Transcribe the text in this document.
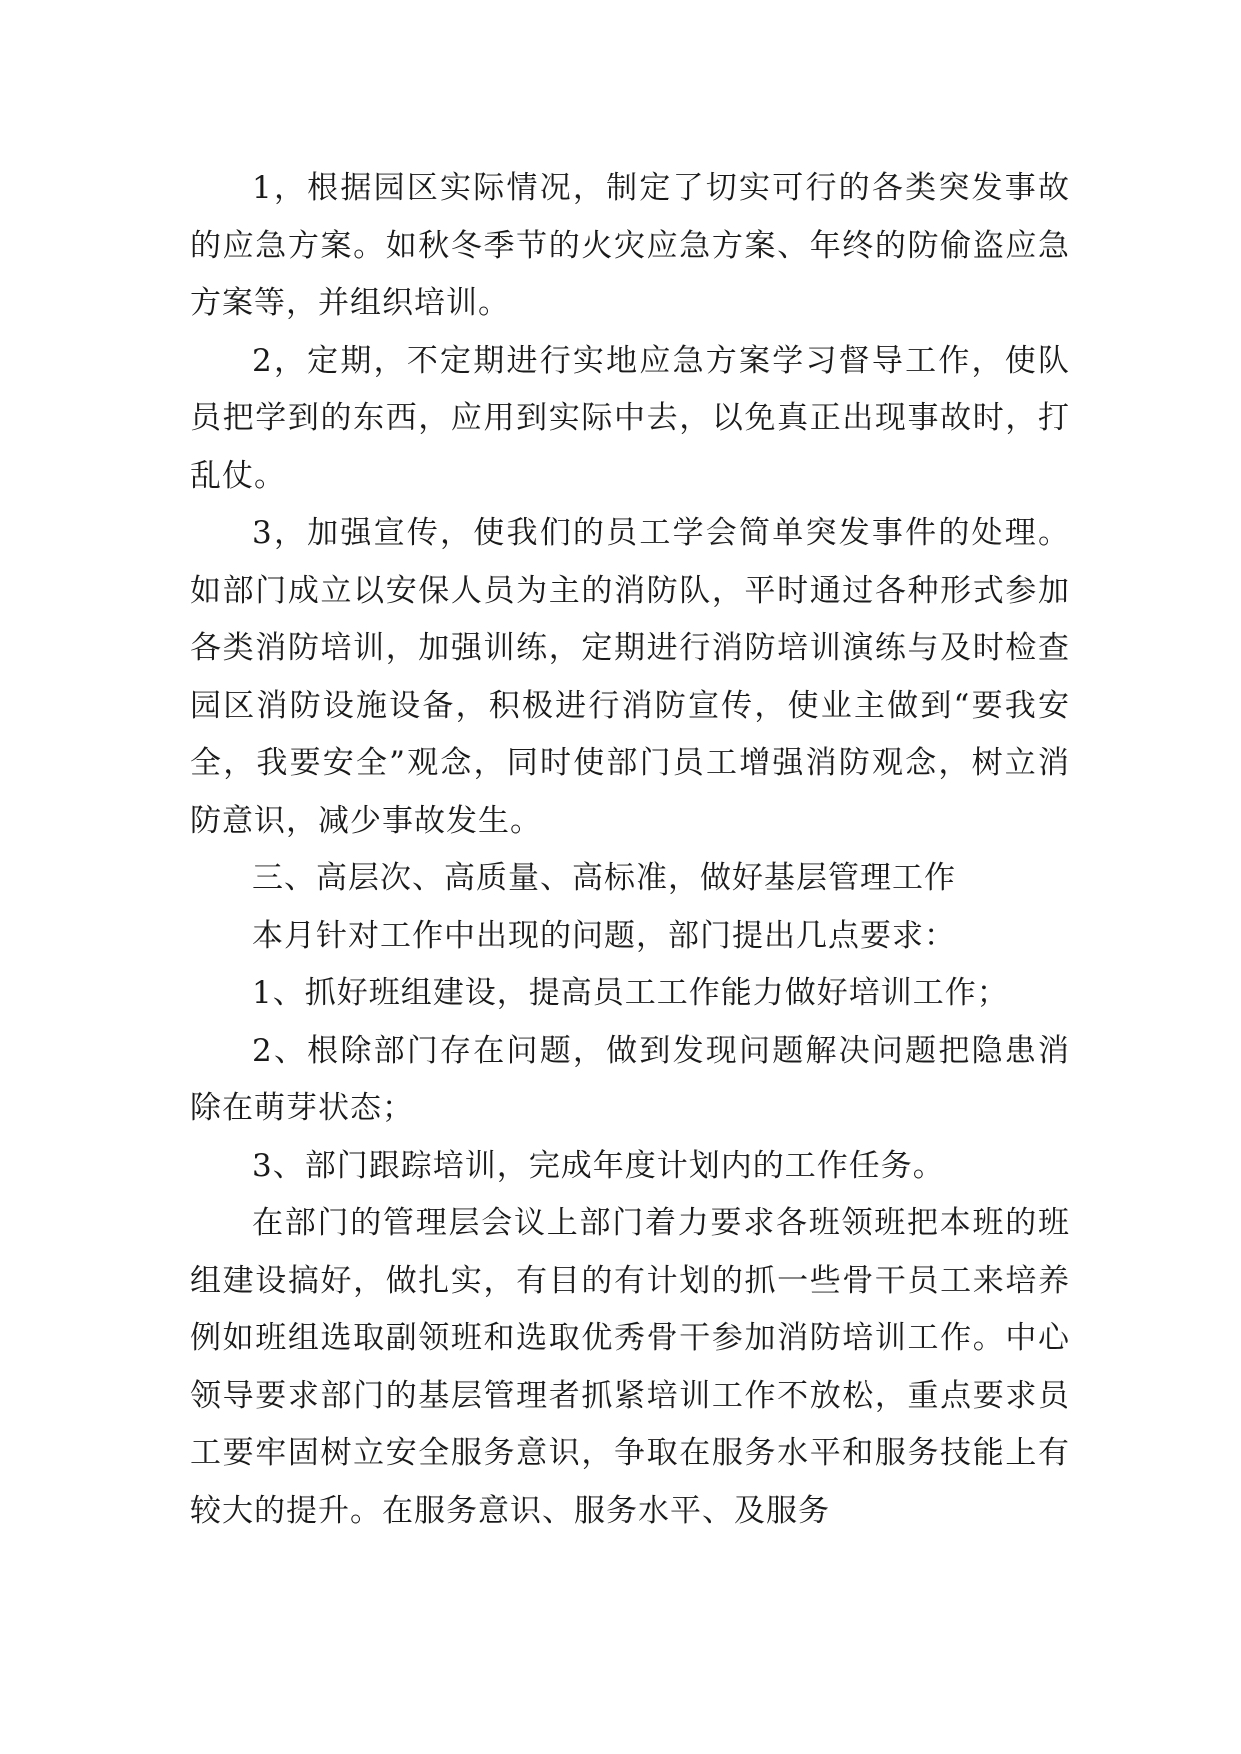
1，根据园区实际情况，制定了切实可行的各类突发事故的应急方案。如秋冬季节的火灾应急方案、年终的防偷盗应急方案等，并组织培训。

2，定期，不定期进行实地应急方案学习督导工作，使队员把学到的东西，应用到实际中去，以免真正出现事故时，打乱仗。

3，加强宣传，使我们的员工学会简单突发事件的处理。如部门成立以安保人员为主的消防队，平时通过各种形式参加各类消防培训，加强训练，定期进行消防培训演练与及时检查园区消防设施设备，积极进行消防宣传，使业主做到“要我安全，我要安全”观念，同时使部门员工增强消防观念，树立消防意识，减少事故发生。

三、高层次、高质量、高标准，做好基层管理工作

本月针对工作中出现的问题，部门提出几点要求：

1、抓好班组建设，提高员工工作能力做好培训工作；

2、根除部门存在问题，做到发现问题解决问题把隐患消除在萌芽状态；

3、部门跟踪培训，完成年度计划内的工作任务。

在部门的管理层会议上部门着力要求各班领班把本班的班组建设搞好，做扎实，有目的有计划的抓一些骨干员工来培养例如班组选取副领班和选取优秀骨干参加消防培训工作。中心领导要求部门的基层管理者抓紧培训工作不放松，重点要求员工要牢固树立安全服务意识，争取在服务水平和服务技能上有较大的提升。在服务意识、服务水平、及服务
